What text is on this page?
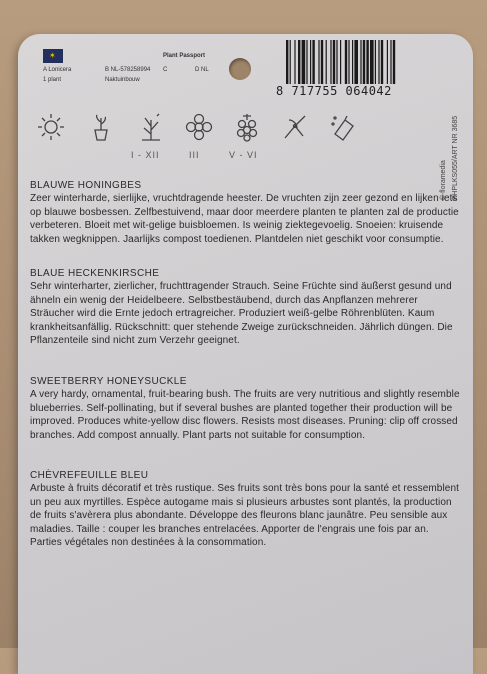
✶
Plant Passport
A Lonicera	B NL-578258994 C	D NL
1 plant	Naktuinbouw
8 717755 064042
© floramedia FHPLKS055/ART NR 3685
I - XII	III	V - VI
BLAUWE HONINGBES

Zeer winterharde, sierlijke, vruchtdragende heester. De vruchten zijn zeer gezond en lijken iets op blauwe bosbessen. Zelfbestuivend, maar door meerdere planten te planten zal de productie verbeteren. Bloeit met wit-gelige buisbloemen. Is weinig ziektegevoelig. Snoeien: kruisende takken wegknippen. Jaarlijks compost toedienen. Plantdelen niet geschikt voor consumptie.

BLAUE HECKENKIRSCHE

Sehr winterharter, zierlicher, fruchttragender Strauch. Seine Früchte sind äußerst gesund und ähneln ein wenig der Heidelbeere. Selbstbestäubend, durch das Anpflanzen mehrerer Sträucher wird die Ernte jedoch ertragreicher. Produziert weiß-gelbe Röhrenblüten. Kaum krankheitsanfällig. Rückschnitt: quer stehende Zweige zurückschneiden. Jährlich düngen. Die Pflanzenteile sind nicht zum Verzehr geeignet.

SWEETBERRY HONEYSUCKLE

A very hardy, ornamental, fruit-bearing bush. The fruits are very nutritious and slightly resemble blueberries. Self-pollinating, but if several bushes are planted together their production will be improved. Produces white-yellow disc flowers. Resists most diseases. Pruning: clip off crossed branches. Add compost annually. Plant parts not suitable for consumption.

CHÈVREFEUILLE BLEU

Arbuste à fruits décoratif et très rustique. Ses fruits sont très bons pour la santé et ressemblent un peu aux myrtilles. Espèce autogame mais si plusieurs arbustes sont plantés, la production de fruits s'avèrera plus abondante. Développe des fleurons blanc jaunâtre. Peu sensible aux maladies. Taille : couper les branches entrelacées. Apporter de l'engrais une fois par an. Parties végétales non destinées à la consommation.
